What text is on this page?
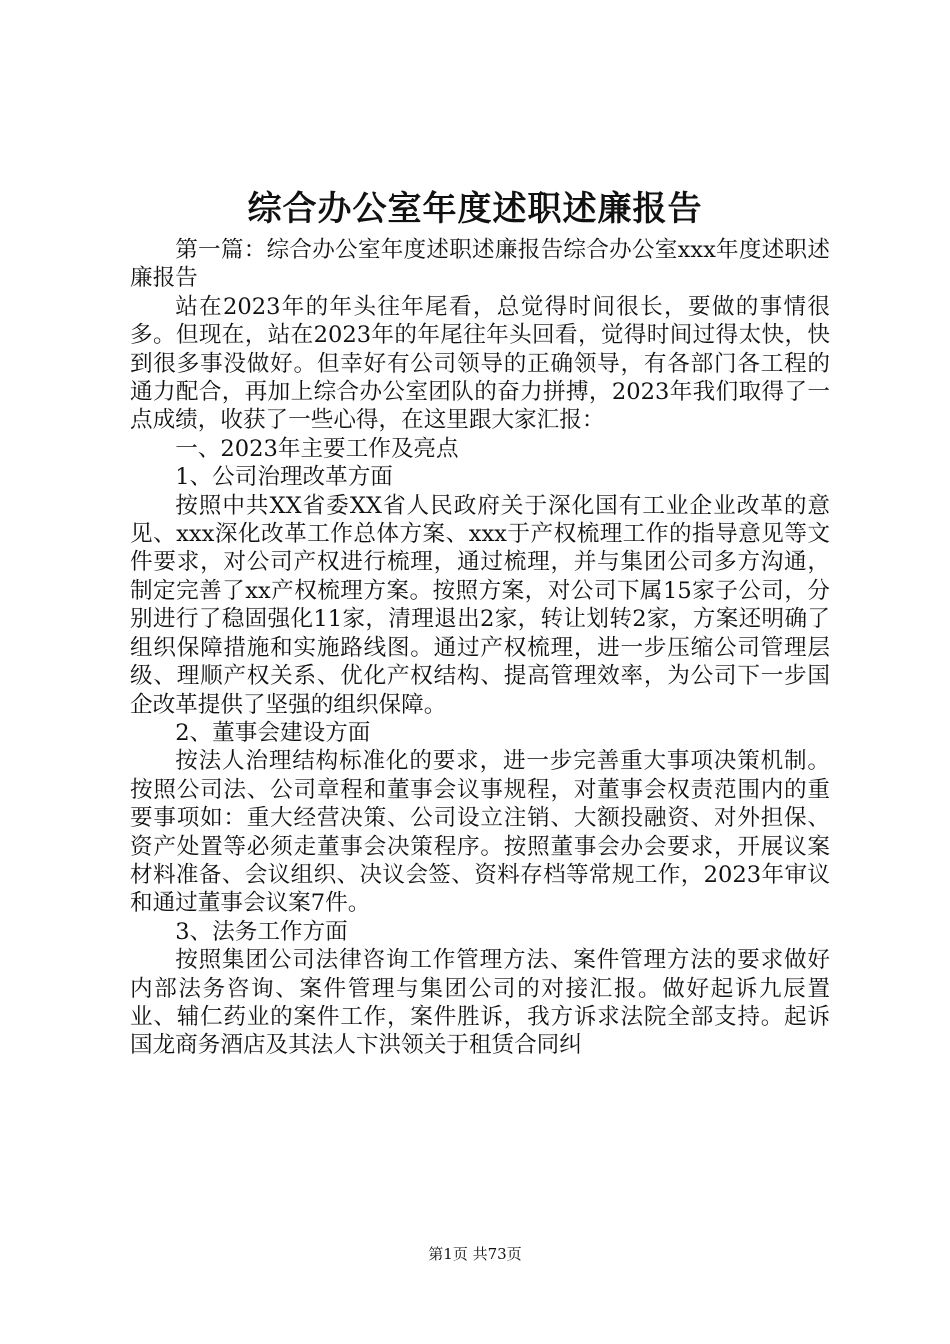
综合办公室年度述职述廉报告

第一篇：综合办公室年度述职述廉报告综合办公室xxx年度述职述廉报告

站在2023年的年头往年尾看，总觉得时间很长，要做的事情很多。但现在，站在2023年的年尾往年头回看，觉得时间过得太快，快到很多事没做好。但幸好有公司领导的正确领导，有各部门各工程的通力配合，再加上综合办公室团队的奋力拼搏，2023年我们取得了一点成绩，收获了一些心得，在这里跟大家汇报：

一、2023年主要工作及亮点

1、公司治理改革方面

按照中共XX省委XX省人民政府关于深化国有工业企业改革的意见、xxx深化改革工作总体方案、xxx于产权梳理工作的指导意见等文件要求，对公司产权进行梳理，通过梳理，并与集团公司多方沟通，制定完善了xx产权梳理方案。按照方案，对公司下属15家子公司，分别进行了稳固强化11家，清理退出2家，转让划转2家，方案还明确了组织保障措施和实施路线图。通过产权梳理，进一步压缩公司管理层级、理顺产权关系、优化产权结构、提高管理效率，为公司下一步国企改革提供了坚强的组织保障。

2、董事会建设方面

按法人治理结构标准化的要求，进一步完善重大事项决策机制。按照公司法、公司章程和董事会议事规程，对董事会权责范围内的重要事项如：重大经营决策、公司设立注销、大额投融资、对外担保、资产处置等必须走董事会决策程序。按照董事会办会要求，开展议案材料准备、会议组织、决议会签、资料存档等常规工作，2023年审议和通过董事会议案7件。

3、法务工作方面

按照集团公司法律咨询工作管理方法、案件管理方法的要求做好内部法务咨询、案件管理与集团公司的对接汇报。做好起诉九辰置业、辅仁药业的案件工作，案件胜诉，我方诉求法院全部支持。起诉国龙商务酒店及其法人卞洪领关于租赁合同纠

第1页 共73页
